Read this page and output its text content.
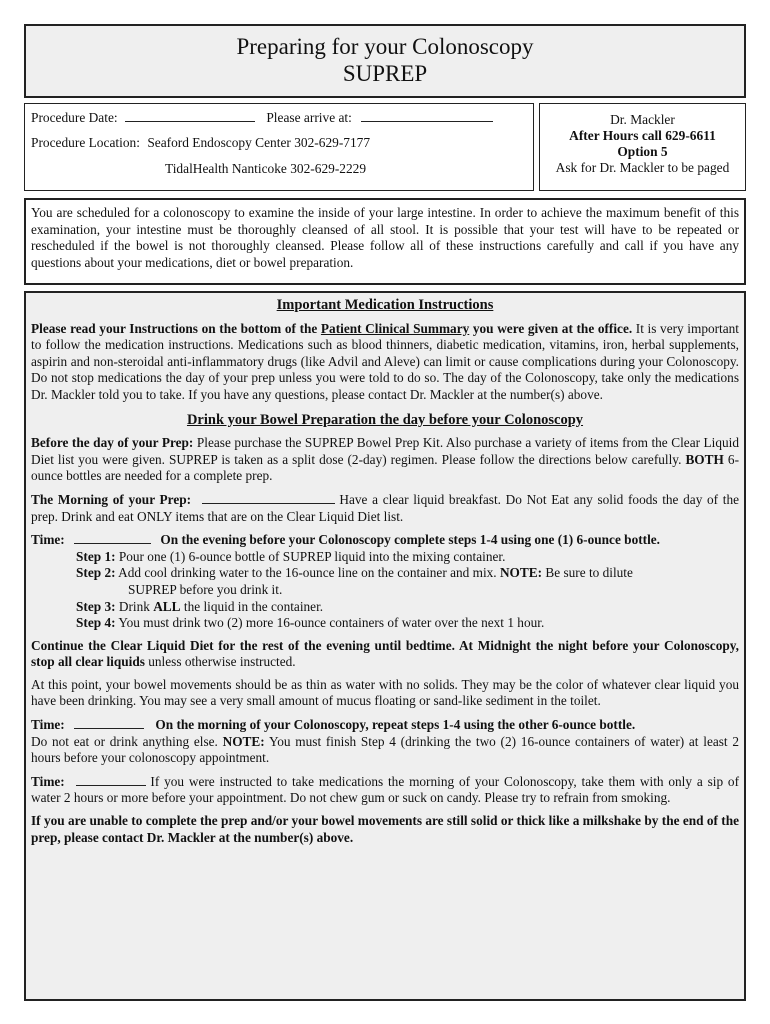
Preparing for your Colonoscopy
SUPREP
Procedure Date:	Please arrive at:
Procedure Location: Seaford Endoscopy Center 302-629-7177
TidalHealth Nanticoke 302-629-2229
Dr. Mackler
After Hours call 629-6611
Option 5
Ask for Dr. Mackler to be paged
You are scheduled for a colonoscopy to examine the inside of your large intestine. In order to achieve the maximum benefit of this examination, your intestine must be thoroughly cleansed of all stool. It is possible that your test will have to be repeated or rescheduled if the bowel is not thoroughly cleansed. Please follow all of these instructions carefully and call if you have any questions about your medications, diet or bowel preparation.
Important Medication Instructions

Please read your Instructions on the bottom of the Patient Clinical Summary you were given at the office. It is very important to follow the medication instructions. Medications such as blood thinners, diabetic medication, vitamins, iron, herbal supplements, aspirin and non-steroidal anti-inflammatory drugs (like Advil and Aleve) can limit or cause complications during your Colonoscopy. Do not stop medications the day of your prep unless you were told to do so. The day of the Colonoscopy, take only the medications Dr. Mackler told you to take. If you have any questions, please contact Dr. Mackler at the number(s) above.

Drink your Bowel Preparation the day before your Colonoscopy

Before the day of your Prep: Please purchase the SUPREP Bowel Prep Kit. Also purchase a variety of items from the Clear Liquid Diet list you were given. SUPREP is taken as a split dose (2-day) regimen. Please follow the directions below carefully. BOTH 6-ounce bottles are needed for a complete prep.

The Morning of your Prep:	Have a clear liquid breakfast. Do Not Eat any solid foods the day of the prep. Drink and eat ONLY items that are on the Clear Liquid Diet list.

Time:	On the evening before your Colonoscopy complete steps 1-4 using one (1) 6-ounce bottle.

Step 1: Pour one (1) 6-ounce bottle of SUPREP liquid into the mixing container.
Step 2: Add cool drinking water to the 16-ounce line on the container and mix. NOTE: Be sure to dilute
SUPREP before you drink it.
Step 3: Drink ALL the liquid in the container.
Step 4: You must drink two (2) more 16-ounce containers of water over the next 1 hour.

Continue the Clear Liquid Diet for the rest of the evening until bedtime. At Midnight the night before your Colonoscopy, stop all clear liquids unless otherwise instructed.

At this point, your bowel movements should be as thin as water with no solids. They may be the color of whatever clear liquid you have been drinking. You may see a very small amount of mucus floating or sand-like sediment in the toilet.

Time:	On the morning of your Colonoscopy, repeat steps 1-4 using the other 6-ounce bottle.
Do not eat or drink anything else. NOTE: You must finish Step 4 (drinking the two (2) 16-ounce containers of water) at least 2 hours before your colonoscopy appointment.

Time:	If you were instructed to take medications the morning of your Colonoscopy, take them with only a sip of water 2 hours or more before your appointment. Do not chew gum or suck on candy. Please try to refrain from smoking.

If you are unable to complete the prep and/or your bowel movements are still solid or thick like a milkshake by the end of the prep, please contact Dr. Mackler at the number(s) above.
